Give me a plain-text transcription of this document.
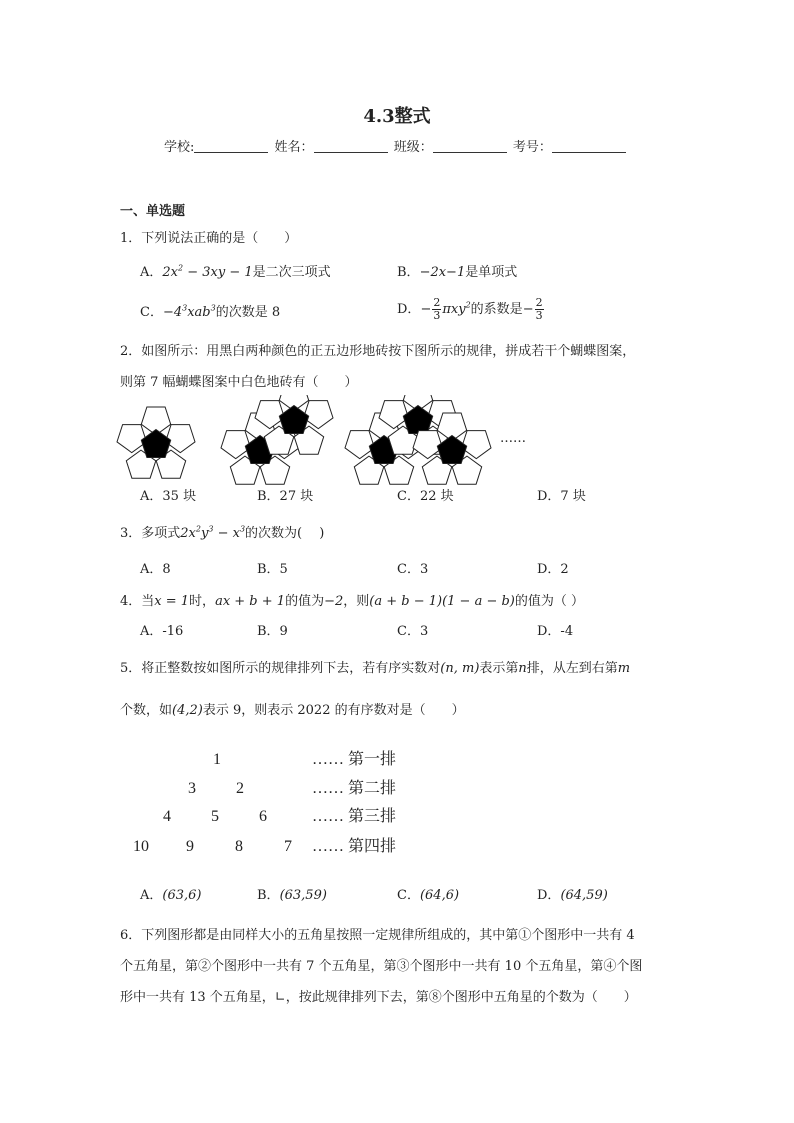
4.3整式
学校:	姓名：	班级：	考号：
一、单选题
1．下列说法正确的是（　　）
A．$2x^2 - 3xy - 1$是二次三项式	B．−2x−1是单项式
C．$-4^3xab^3$的次数是 8	D．− $\frac{2}{3} \pi xy^2$的系数是− $\frac{2}{3}$
2．如图所示：用黑白两种颜色的正五边形地砖按下图所示的规律，拼成若干个蝴蝶图案，
则第 7 幅蝴蝶图案中白色地砖有（　　）
……
A．35 块	B．27 块	C．22 块	D．7 块
3．多项式$2x^2y^3 - x^3$的次数为(　 )
A．8	B．5	C．3	D．2
4．当x = 1时，ax + b + 1的值为−2，则(a + b − 1)(1 − a − b)的值为（ ）
A．-16	B．9	C．3	D．-4
5．将正整数按如图所示的规律排列下去，若有序实数对(n, m)表示第n排，从左到右第m
个数，如(4,2)表示 9，则表示 2022 的有序数对是（　　）
1	…… 第一排
3	2	…… 第二排
4	5	6	…… 第三排
10 9	8	7 …… 第四排
A．(63,6)	B．(63,59)	C．(64,6)	D．(64,59)
6．下列图形都是由同样大小的五角星按照一定规律所组成的，其中第①个图形中一共有 4
个五角星，第②个图形中一共有 7 个五角星，第③个图形中一共有 10 个五角星，第④个图
形中一共有 13 个五角星，∟，按此规律排列下去，第⑧个图形中五角星的个数为（　　）
